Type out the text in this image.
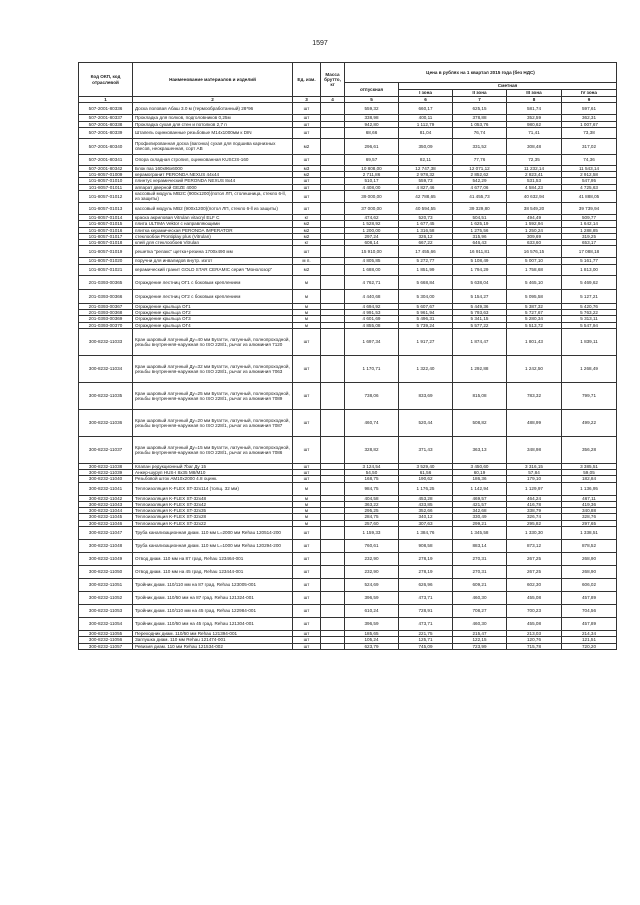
1597
Код ОКП, код отраслевой	Наименование материалов и изделий	Ед. изм.	Масса брутто, кг	Цена в рублях на 1 квартал 2015 года (без НДС)				
				отпускная	Сметная			
					I зона	II зона	III зона	IV зона
1	2	3	4	5	6	7	8	9
507-2001-80336	Доска половая Абаш 3.0 м (термообработанный) 28*96	шт		559,32	660,17	625,15	581,74	597,61
507-2001-80337	Прокладка для полков, подголовников 0,25м	шт		338,98	400,11	378,88	352,59	362,31
507-2001-80338	Прокладка сухая для стен и потолков 2,7 п	шт		942,80	1 112,79	1 053,76	980,62	1 007,67
507-2001-80339	Штапель оцинкованные резьбовые М14х1000мм к DIN	шт		68,66	81,04	76,74	71,41	73,38
507-2001-80340	Профилированная доска (вагонка) сухая для подшива карнизных свесов, неокрашенная, сорт АВ	м2		296,61	350,09	331,52	308,48	317,02
507-2001-80341	Опора складная стропил, оцинкованная KUSCIS-160	шт		69,57	82,11	77,76	72,35	74,36
507-2001-80342	Блок паз 160x96x6000	м3		10 808,00	12 747,38	12 071,12	11 232,14	11 543,14
101-8057-01009	керамогранит PERONDA NEXUS 44x44	м2		2 711,86	2 978,32	2 852,62	2 823,41	2 912,58
101-8057-01010	плинтус керамический PERONDA NEXUS 8x44	шт		510,17	559,73	542,29	531,53	547,95
101-8057-01011	аппарат дверной GEZE 4000	шт		4 408,00	4 827,46	4 677,06	4 584,23	4 725,63
101-8057-01012	кассовый модуль МВ2С (900x1200)(потол ЛП, столешница, стекло 6-ll, из защиты)	шт		39 000,00	42 788,65	41 455,73	40 632,94	41 888,05
101-8057-01013	кассовый модуль МВ2 (900x1200)(потол ЛП, стекло 6-ll из защиты)	шт		37 000,00	40 594,55	39 329,80	38 549,20	39 739,94
101-8057-01014	краска акриловая Vitrulan vitacryl ELF C	кг		474,62	520,73	504,51	494,49	509,77
101-8057-01015	плита ULTIMA Vektor с направляющими	м2		1 528,92	1 677,45	1 625,19	1 592,94	1 642,14
101-8057-01016	плитка керамическая PERONDA IMPERATOR	м2		1 200,00	1 316,58	1 275,56	1 250,24	1 288,85
101-8057-01017	стеклообои Prontiplay plus (Vitrulan)	м2		297,24	326,12	315,96	309,69	319,25
101-8057-01018	клей для стеклообоев Vitrulan	кг		608,14	667,22	646,43	633,60	653,17
101-8057-01019	решетка "релакс" щетка+резина 1700x490 мм	шт		15 910,00	17 455,66	16 911,81	16 576,15	17 088,18
101-8057-01020	поручни для инвалидов внутр. изгот	м п.		4 805,85	5 272,77	5 108,49	5 007,10	5 161,77
101-8057-01021	керамический гранит GOLD STAR CERAMIC серия "Монолозор"	м2		1 688,00	1 851,99	1 794,29	1 758,68	1 813,00
201-0393-00365	Ограждение лестниц ОГ1 с боковым креплением	м		4 762,71	5 668,84	5 638,04	5 465,10	5 469,62
201-0393-00366	Ограждение лестниц ОГ2 с боковым креплением	м		4 440,68	5 304,00	5 154,27	5 095,58	5 127,21
201-0393-00367	Ограждение крыльца ОГ1	м		4 694,92	5 607,67	5 449,36	5 387,32	5 420,76
201-0393-00368	Ограждение крыльца ОГ2	м		4 991,53	5 961,94	5 793,63	5 727,67	5 763,22
201-0393-00369	Ограждение крыльца ОГ3	м		4 601,69	5 496,31	5 341,15	5 280,34	5 313,11
201-0393-00370	Ограждение крыльца ОГ4	м		4 855,08	5 739,24	5 577,22	5 513,72	5 547,94
300-8232-11033	Кран шаровый латунный Ду=40 мм Бугатти, латунный, полнопроходной, резьбы внутренняя-наружная по ISO 228/1, рычаг из алюминия 7120	шт		1 697,34	1 917,27	1 874,47	1 801,43	1 839,11
300-8232-11034	Кран шаровый латунный Ду=32 мм Бугатти, латунный, полнопроходной, резьбы внутренняя-наружная по ISO 228/1, рычаг из алюминия 7063	шт		1 170,71	1 322,40	1 292,88	1 242,50	1 268,49
300-8232-11035	Кран шаровый латунный Ду=25 мм Бугатти, латунный, полнопроходной, резьбы внутренняя-наружная по ISO 228/1, рычаг из алюминия 7089	шт		738,06	833,69	815,08	783,32	799,71
300-8232-11036	Кран шаровый латунный Ду=20 мм Бугатти, латунный, полнопроходной, резьбы внутренняя-наружная по ISO 228/1, рычаг из алюминия 7087	шт		460,74	520,44	508,82	488,99	499,22
300-8232-11037	Кран шаровый латунный Ду=15 мм Бугатти, латунный, полнопроходной, резьбы внутренняя-наружная по ISO 228/1, рычаг из алюминия 7086	шт		328,82	371,43	363,13	348,98	356,28
300-8232-11038	Клапан редукционный 7bar Ду 15	шт		3 124,54	3 529,40	3 450,60	3 316,15	3 385,51
300-8232-11039	Анкер-шуруп HUS-I 8x35 M8/M10	шт		54,50	61,56	60,19	57,84	59,05
300-8232-11040	Резьбовой шток АМ10x2000 4.8 оцинк.	шт		168,75	190,62	186,36	179,10	182,84
300-8232-11041	Теплоизоляция K-FLEX ST-32x114 (толщ. 32 мм)	м		984,75	1 176,25	1 142,94	1 129,97	1 136,95
300-8232-11042	Теплоизоляция K-FLEX ST-32x48	м		404,58	453,28	469,57	464,24	467,11
300-8232-11043	Теплоизоляция K-FLEX ST-32x42	м		363,22	433,85	421,57	416,78	419,36
300-8232-11044	Теплоизоляция K-FLEX ST-32x35	м		295,25	352,66	342,68	338,79	340,88
300-8232-11045	Теплоизоляция K-FLEX ST-32x28	м		284,75	340,12	330,49	326,74	328,76
300-8232-11046	Теплоизоляция K-FLEX ST-32x22	м		257,60	307,63	299,21	295,82	297,65
300-8232-11047	Труба канализационная диам. 110 мм L=2000 мм Rehau 120514-200	шт		1 159,33	1 384,76	1 345,58	1 330,30	1 338,51
300-8232-11048	Труба канализационная диам. 110 мм L=1000 мм Rehau 120294-200	шт		760,61	908,58	883,14	873,12	878,52
300-8232-11049	Отвод диам. 110 мм на 87 град. Rehau 123464-001	шт		232,90	278,19	270,31	267,25	268,90
300-8232-11050	Отвод диам. 110 мм на 45 град. Rehau 123444-001	шт		232,90	278,19	270,31	267,25	268,90
300-8232-11051	Тройник диам. 110/110 мм на 87 град. Rehau 123005-001	шт		524,69	626,96	609,21	602,30	606,02
300-8232-11052	Тройник диам. 110/50 мм на 87 град. Rehau 121324-001	шт		396,59	473,71	460,30	455,08	457,89
300-8232-11053	Тройник диам. 110/110 мм на 45 град. Rehau 122984-001	шт		610,24	728,91	708,27	700,23	704,56
300-8232-11054	Тройник диам. 110/50 мм на 45 град. Rehau 121304-001	шт		396,59	473,71	460,30	455,08	457,89
300-8232-11055	Переходник диам. 110/50 мм Rehau 121394-001	шт		185,65	221,75	215,47	213,03	214,34
300-8232-11056	Заглушка диам. 110 мм Rehau 121474-001	шт		105,24	125,71	122,15	120,76	121,51
300-8232-11057	Ревизия диам. 110 мм Rehau 121534-002	шт		623,79	745,09	723,99	715,78	720,20
